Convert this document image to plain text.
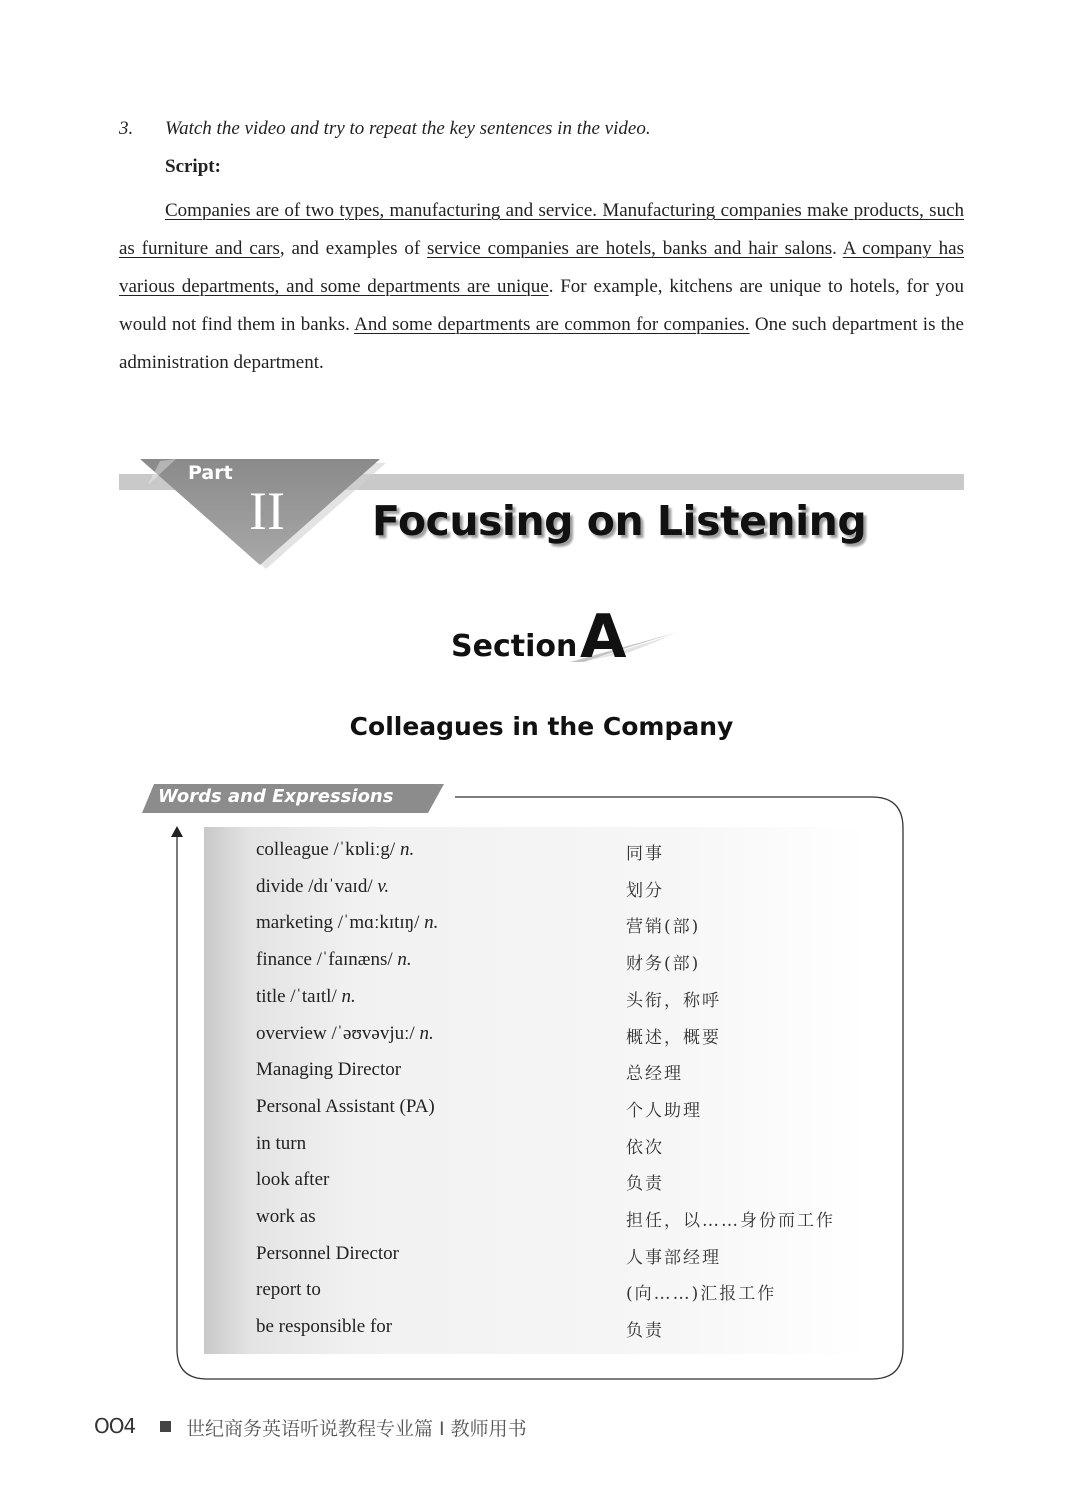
3. Watch the video and try to repeat the key sentences in the video.
Script:
Companies are of two types, manufacturing and service. Manufacturing companies make products, such as furniture and cars, and examples of service companies are hotels, banks and hair salons. A company has various departments, and some departments are unique. For example, kitchens are unique to hotels, for you would not find them in banks. And some departments are common for companies. One such department is the administration department.
Part
II Focusing on Listening
Section A
Colleagues in the Company
Words and Expressions
colleague /ˈkɒliːg/ n.	同事
divide /dɪˈvaɪd/ v.	划分
marketing /ˈmɑːkɪtɪŋ/ n.	营销(部)
finance /ˈfaɪnæns/ n.	财务(部)
title /ˈtaɪtl/ n.	头衔，称呼
overview /ˈəʊvəvjuː/ n.	概述，概要
Managing Director	总经理
Personal Assistant (PA)	个人助理
in turn	依次
look after	负责
work as	担任，以……身份而工作
Personnel Director	人事部经理
report to	(向……)汇报工作
be responsible for	负责
OO4	世纪商务英语听说教程专业篇 I 教师用书
